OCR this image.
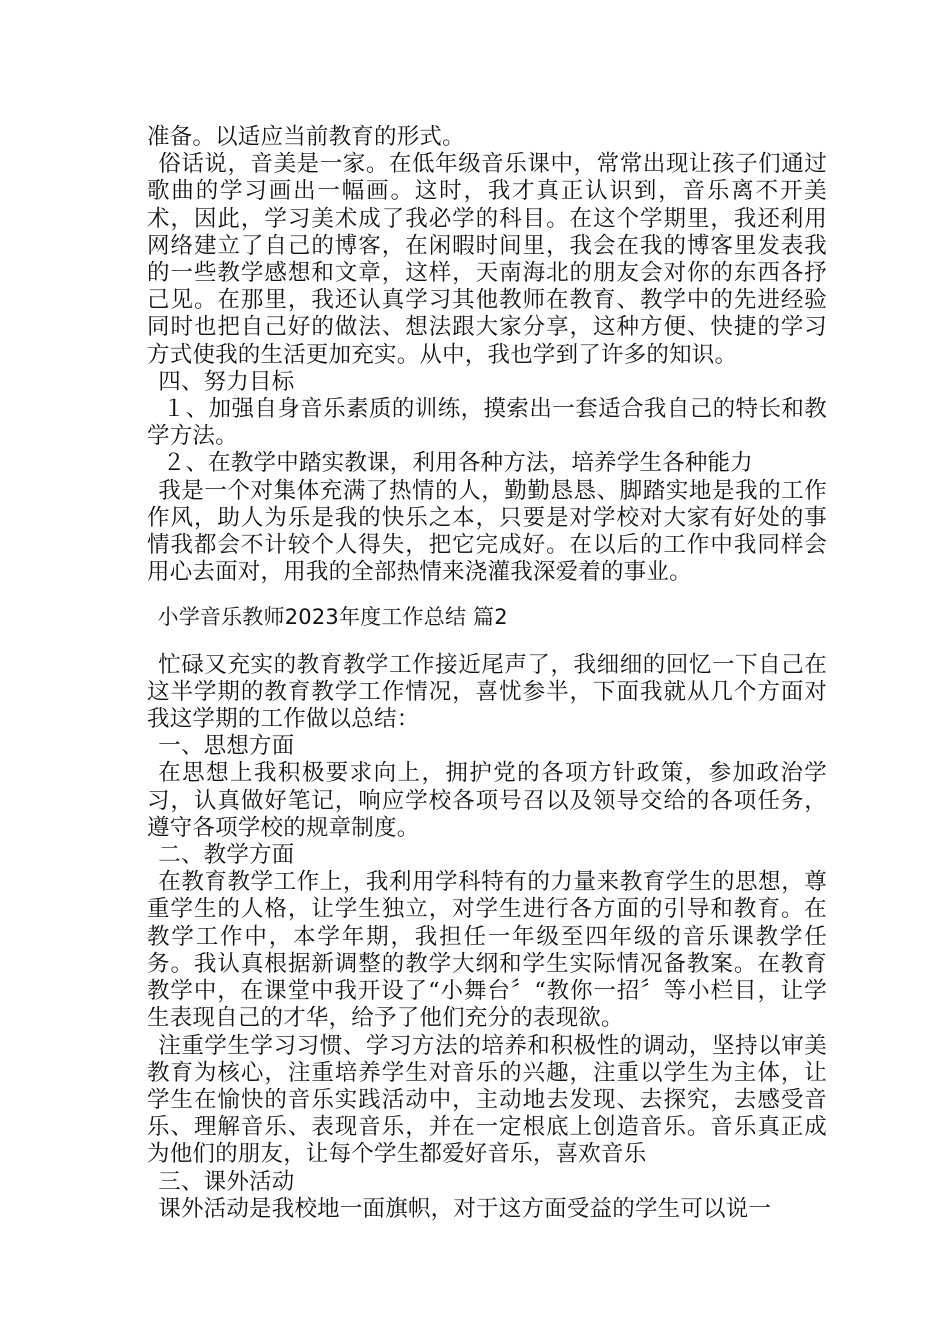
准备。以适应当前教育的形式。

俗话说，音美是一家。在低年级音乐课中，常常出现让孩子们通过歌曲的学习画出一幅画。这时，我才真正认识到，音乐离不开美术，因此，学习美术成了我必学的科目。在这个学期里，我还利用网络建立了自己的博客，在闲暇时间里，我会在我的博客里发表我的一些教学感想和文章，这样，天南海北的朋友会对你的东西各抒己见。在那里，我还认真学习其他教师在教育、教学中的先进经验同时也把自己好的做法、想法跟大家分享，这种方便、快捷的学习方式使我的生活更加充实。从中，我也学到了许多的知识。

四、努力目标

１、加强自身音乐素质的训练，摸索出一套适合我自己的特长和教学方法。

２、在教学中踏实教课，利用各种方法，培养学生各种能力

我是一个对集体充满了热情的人，勤勤恳恳、脚踏实地是我的工作作风，助人为乐是我的快乐之本，只要是对学校对大家有好处的事情我都会不计较个人得失，把它完成好。在以后的工作中我同样会用心去面对，用我的全部热情来浇灌我深爱着的事业。

小学音乐教师2023年度工作总结 篇2

忙碌又充实的教育教学工作接近尾声了，我细细的回忆一下自己在这半学期的教育教学工作情况，喜忧参半，下面我就从几个方面对我这学期的工作做以总结：

一、思想方面

在思想上我积极要求向上，拥护党的各项方针政策，参加政治学习，认真做好笔记，响应学校各项号召以及领导交给的各项任务，遵守各项学校的规章制度。

二、教学方面

在教育教学工作上，我利用学科特有的力量来教育学生的思想，尊重学生的人格，让学生独立，对学生进行各方面的引导和教育。在教学工作中，本学年期，我担任一年级至四年级的音乐课教学任务。我认真根据新调整的教学大纲和学生实际情况备教案。在教育教学中，在课堂中我开设了“小舞台〞“教你一招〞等小栏目，让学生表现自己的才华，给予了他们充分的表现欲。

注重学生学习习惯、学习方法的培养和积极性的调动，坚持以审美教育为核心，注重培养学生对音乐的兴趣，注重以学生为主体，让学生在愉快的音乐实践活动中，主动地去发现、去探究，去感受音乐、理解音乐、表现音乐，并在一定根底上创造音乐。音乐真正成为他们的朋友，让每个学生都爱好音乐，喜欢音乐

三、课外活动

课外活动是我校地一面旗帜，对于这方面受益的学生可以说一
